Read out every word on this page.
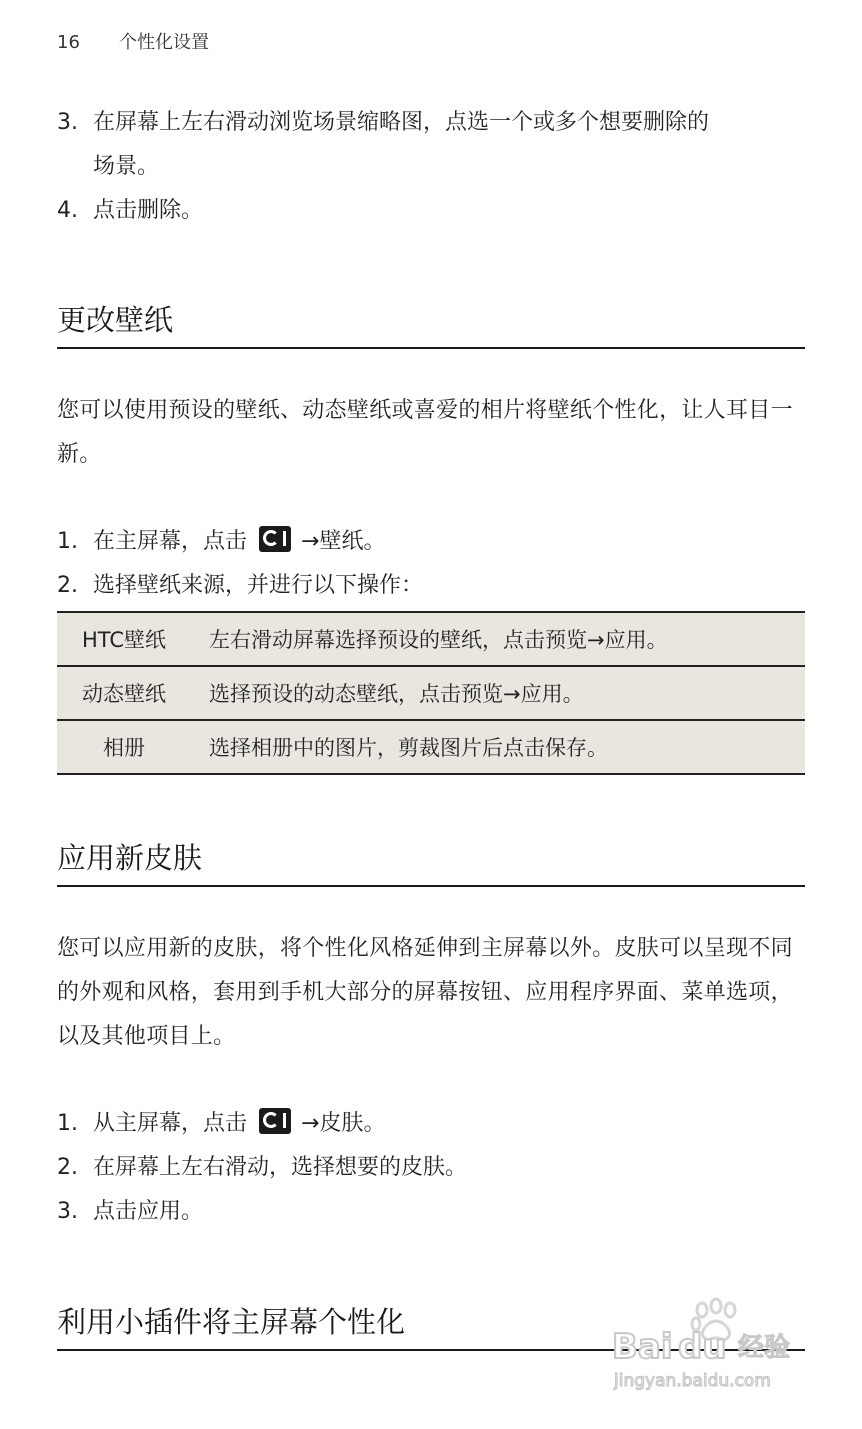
16 个性化设置
3. 在屏幕上左右滑动浏览场景缩略图，点选一个或多个想要删除的
场景。
4. 点击删除。
更改壁纸
您可以使用预设的壁纸、动态壁纸或喜爱的相片将壁纸个性化，让人耳目一新。
1. 在主屏幕，点击 →壁纸。
2. 选择壁纸来源，并进行以下操作：
HTC壁纸	左右滑动屏幕选择预设的壁纸，点击预览→应用。
动态壁纸	选择预设的动态壁纸，点击预览→应用。
相册	选择相册中的图片，剪裁图片后点击保存。
应用新皮肤
您可以应用新的皮肤，将个性化风格延伸到主屏幕以外。皮肤可以呈现不同的外观和风格，套用到手机大部分的屏幕按钮、应用程序界面、菜单选项，以及其他项目上。
1. 从主屏幕，点击 →皮肤。
2. 在屏幕上左右滑动，选择想要的皮肤。
3. 点击应用。
利用小插件将主屏幕个性化
Bai du 经验
jingyan.baidu.com
